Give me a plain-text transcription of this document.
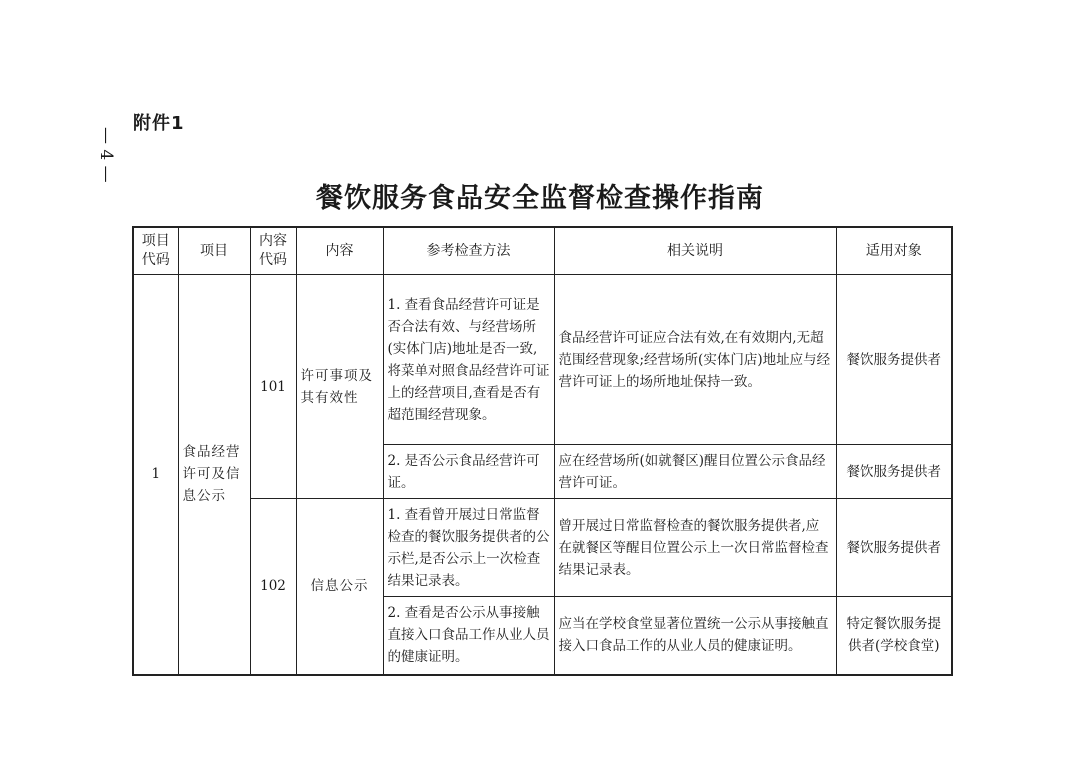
附件1
— 4 —
餐饮服务食品安全监督检查操作指南
项目代码	项目	内容代码	内容	参考检查方法	相关说明	适用对象
1	食品经营许可及信息公示	101	许可事项及其有效性	1. 查看食品经营许可证是否合法有效、与经营场所(实体门店)地址是否一致,将菜单对照食品经营许可证上的经营项目,查看是否有超范围经营现象。	食品经营许可证应合法有效,在有效期内,无超范围经营现象;经营场所(实体门店)地址应与经营许可证上的场所地址保持一致。	餐饮服务提供者
				2. 是否公示食品经营许可证。	应在经营场所(如就餐区)醒目位置公示食品经营许可证。	餐饮服务提供者
		102	信息公示	1. 查看曾开展过日常监督检查的餐饮服务提供者的公示栏,是否公示上一次检查结果记录表。	曾开展过日常监督检查的餐饮服务提供者,应在就餐区等醒目位置公示上一次日常监督检查结果记录表。	餐饮服务提供者
				2. 查看是否公示从事接触直接入口食品工作从业人员的健康证明。	应当在学校食堂显著位置统一公示从事接触直接入口食品工作的从业人员的健康证明。	特定餐饮服务提供者(学校食堂)
